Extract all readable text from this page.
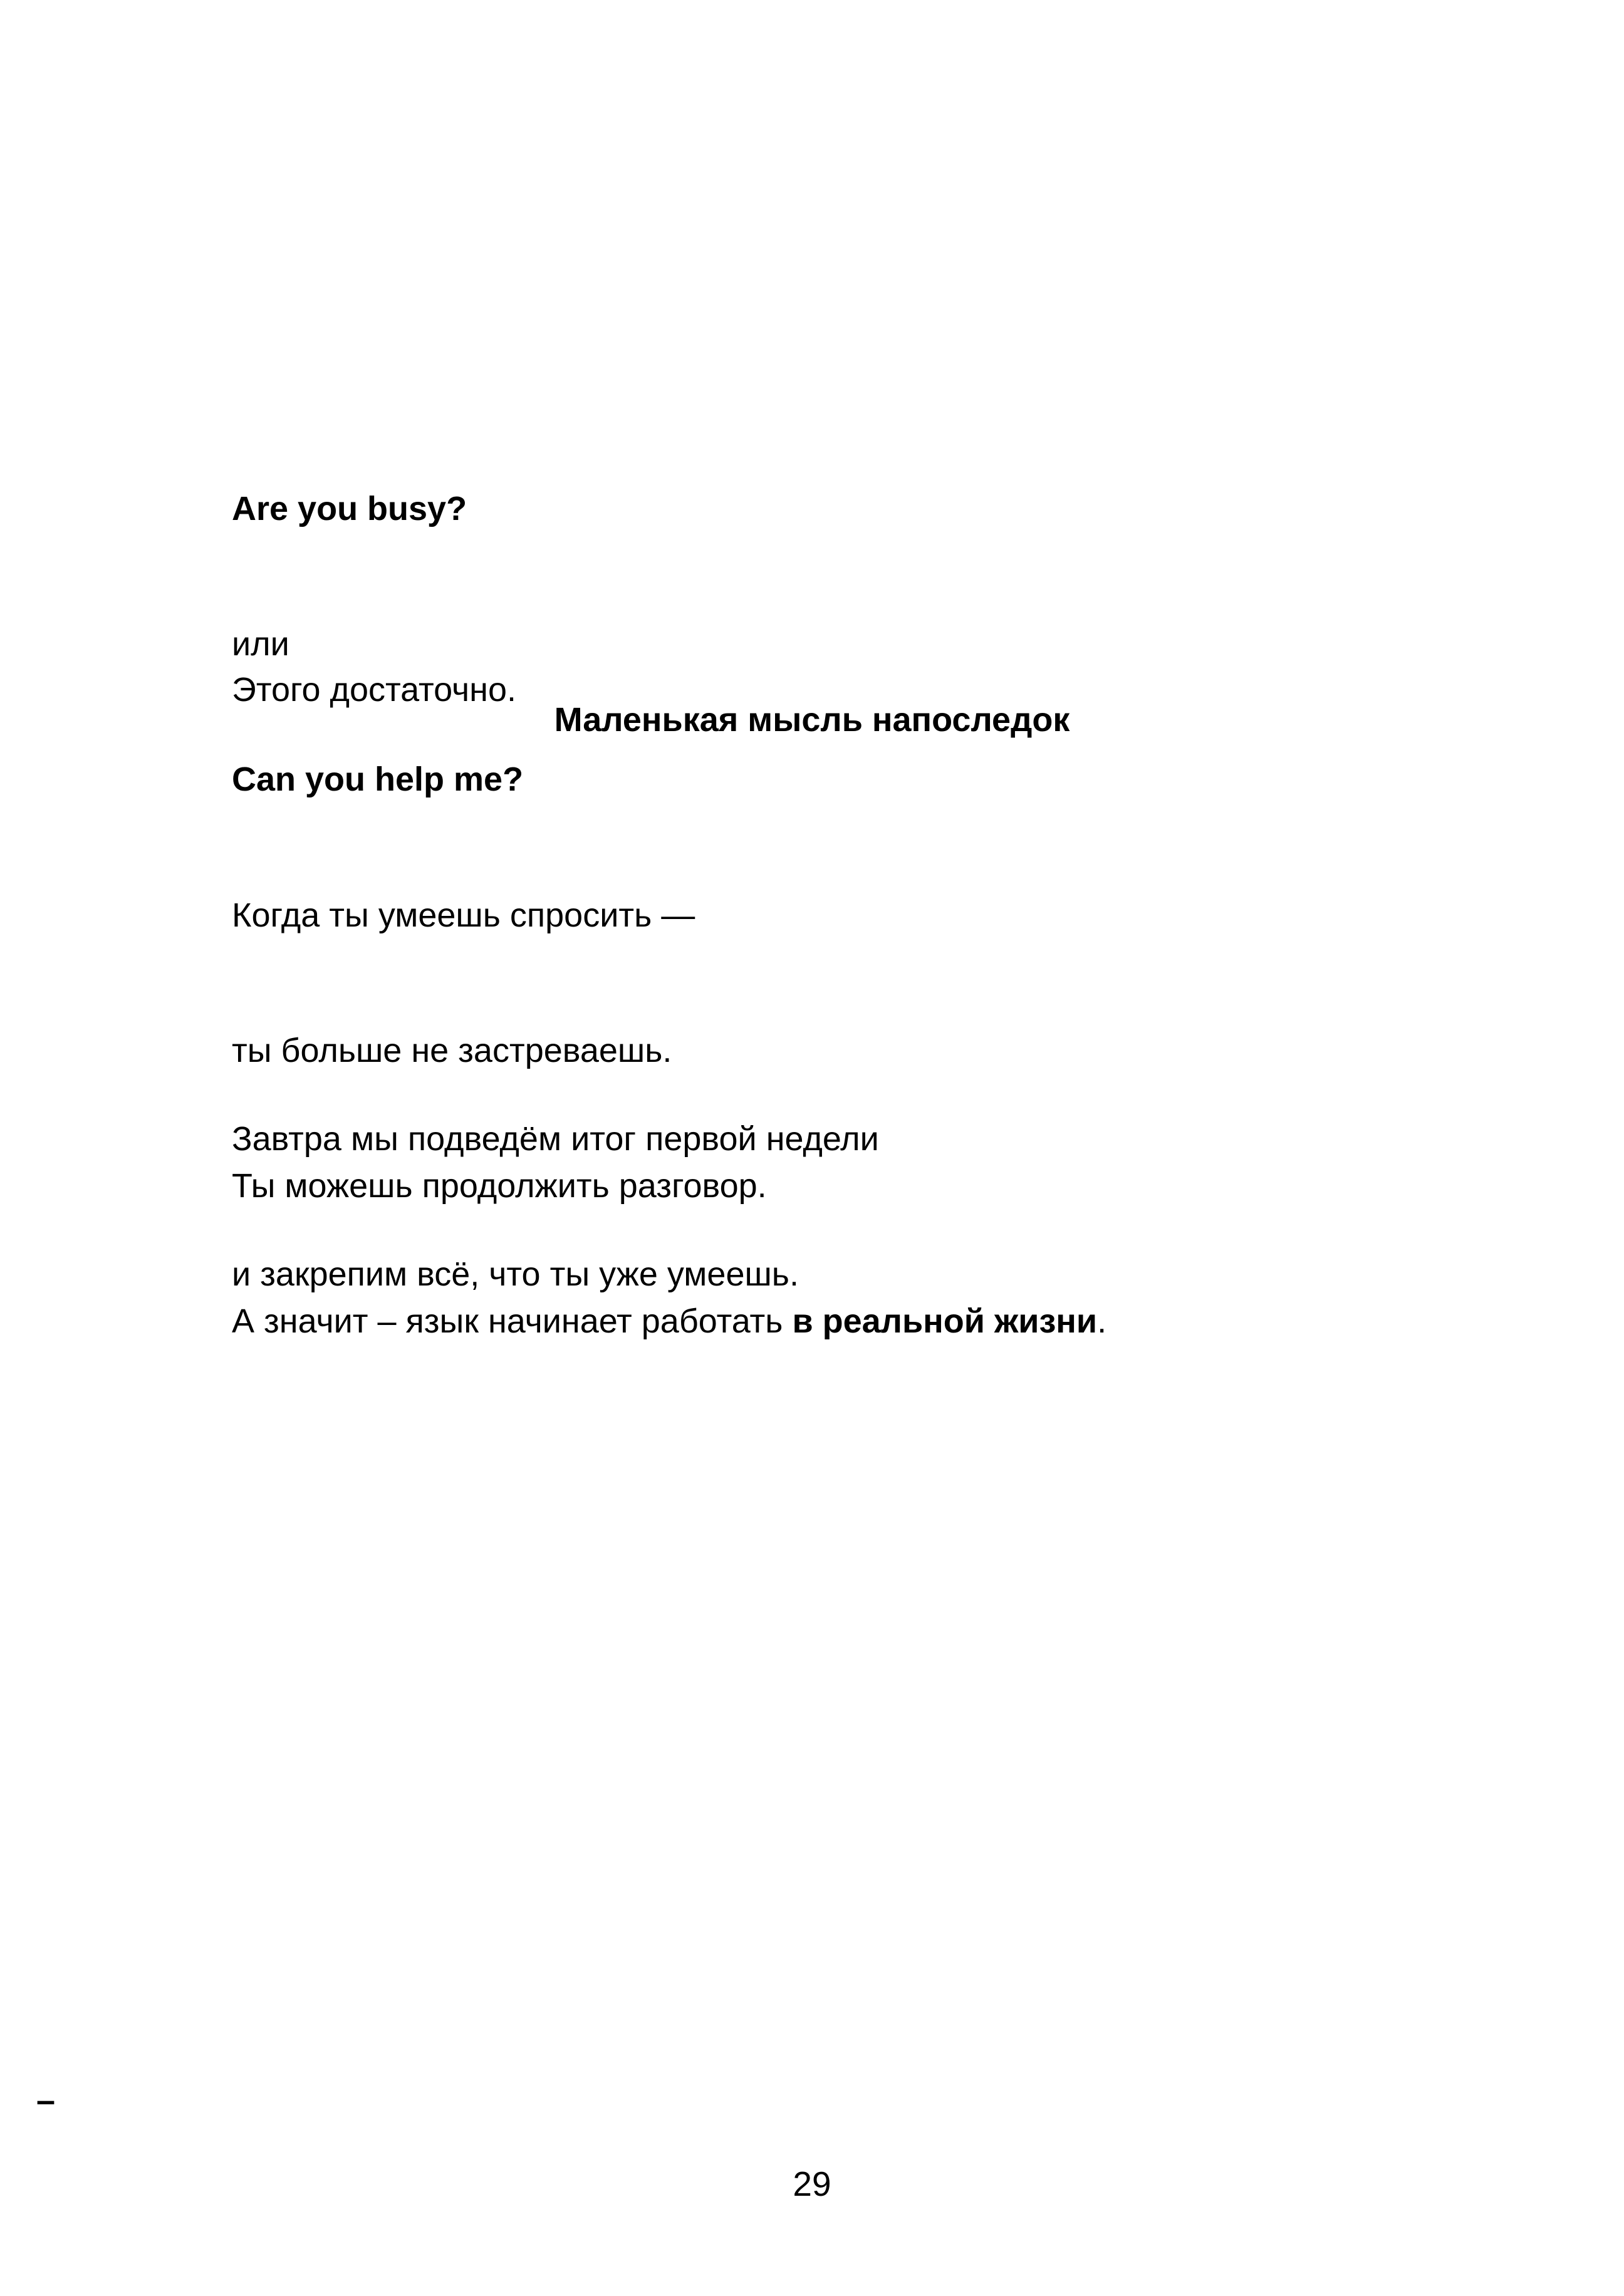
Are you busy?

или

Can you help me?

Этого достаточно.

Маленькая мысль напоследок

Когда ты умеешь спросить —

ты больше не застреваешь.

Ты можешь продолжить разговор.

А значит – язык начинает работать в реальной жизни.

Завтра мы подведём итог первой недели

и закрепим всё, что ты уже умеешь.

–
29
